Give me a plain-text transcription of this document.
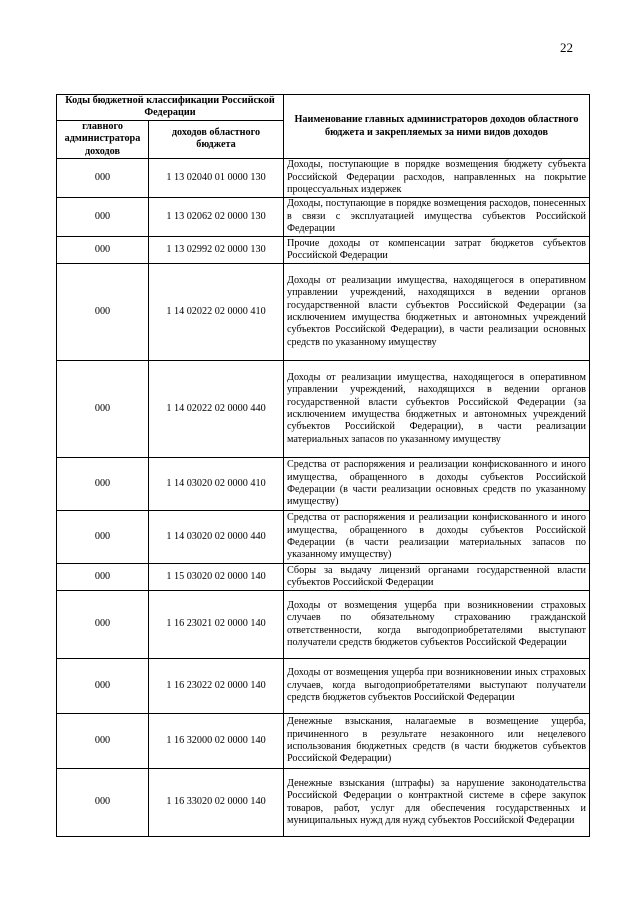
22
Коды бюджетной классификации Российской Федерации		Наименование главных администраторов доходов областного бюджета и закрепляемых за ними видов доходов
главного администратора доходов	доходов областного бюджета	
000	1 13 02040 01 0000 130	Доходы, поступающие в порядке возмещения бюджету субъекта Российской Федерации расходов, направленных на покрытие процессуальных издержек
000	1 13 02062 02 0000 130	Доходы, поступающие в порядке возмещения расходов, понесенных в связи с эксплуатацией имущества субъектов Российской Федерации
000	1 13 02992 02 0000 130	Прочие доходы от компенсации затрат бюджетов субъектов Российской Федерации
000	1 14 02022 02 0000 410	Доходы от реализации имущества, находящегося в оперативном управлении учреждений, находящихся в ведении органов государственной власти субъектов Российской Федерации (за исключением имущества бюджетных и автономных учреждений субъектов Российской Федерации), в части реализации основных средств по указанному имуществу
000	1 14 02022 02 0000 440	Доходы от реализации имущества, находящегося в оперативном управлении учреждений, находящихся в ведении органов государственной власти субъектов Российской Федерации (за исключением имущества бюджетных и автономных учреждений субъектов Российской Федерации), в части реализации материальных запасов по указанному имуществу
000	1 14 03020 02 0000 410	Средства от распоряжения и реализации конфискованного и иного имущества, обращенного в доходы субъектов Российской Федерации (в части реализации основных средств по указанному имуществу)
000	1 14 03020 02 0000 440	Средства от распоряжения и реализации конфискованного и иного имущества, обращенного в доходы субъектов Российской Федерации (в части реализации материальных запасов по указанному имуществу)
000	1 15 03020 02 0000 140	Сборы за выдачу лицензий органами государственной власти субъектов Российской Федерации
000	1 16 23021 02 0000 140	Доходы от возмещения ущерба при возникновении страховых случаев по обязательному страхованию гражданской ответственности, когда выгодоприобретателями выступают получатели средств бюджетов субъектов Российской Федерации
000	1 16 23022 02 0000 140	Доходы от возмещения ущерба при возникновении иных страховых случаев, когда выгодоприобретателями выступают получатели средств бюджетов субъектов Российской Федерации
000	1 16 32000 02 0000 140	Денежные взыскания, налагаемые в возмещение ущерба, причиненного в результате незаконного или нецелевого использования бюджетных средств (в части бюджетов субъектов Российской Федерации)
000	1 16 33020 02 0000 140	Денежные взыскания (штрафы) за нарушение законодательства Российской Федерации о контрактной системе в сфере закупок товаров, работ, услуг для обеспечения государственных и муниципальных нужд для нужд субъектов Российской Федерации
